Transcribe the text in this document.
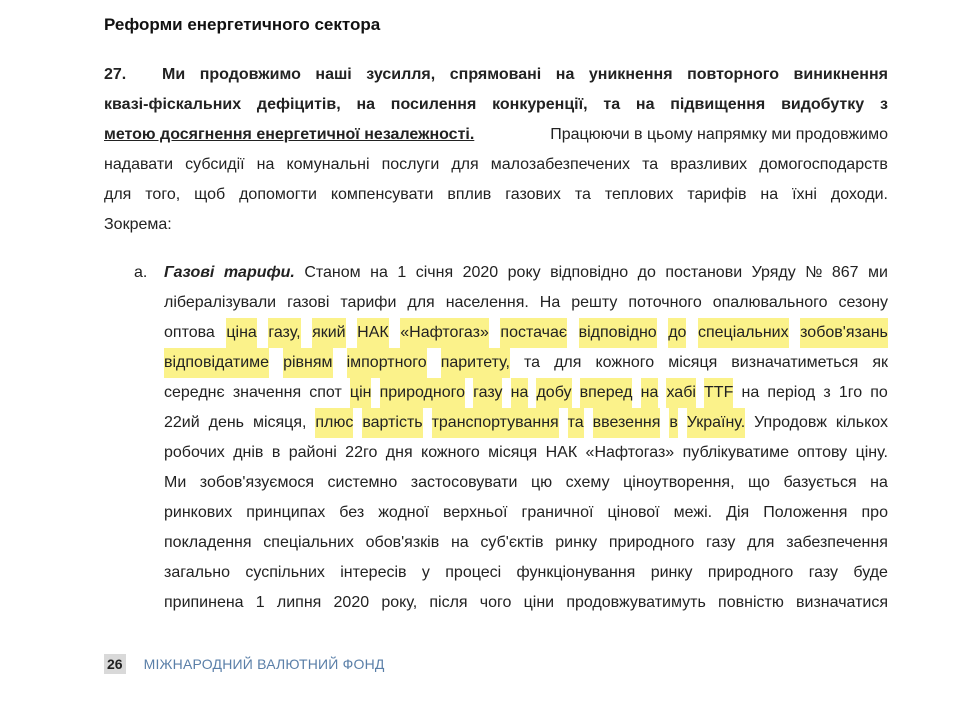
Реформи енергетичного сектора
27.	Ми продовжимо наші зусилля, спрямовані на уникнення повторного виникнення
квазі-фіскальних дефіцитів, на посилення конкуренції, та на підвищення видобутку з
метою досягнення енергетичної незалежності.	Працюючи в цьому напрямку ми продовжимо
надавати субсидії на комунальні послуги для малозабезпечених та вразливих домогосподарств
для того, щоб допомогти компенсувати вплив газових та теплових тарифів на їхні доходи.
Зокрема:
a.	Газові тарифи. Станом на 1 січня 2020 року відповідно до постанови Уряду № 867 ми
лібералізували газові тарифи для населення. На решту поточного опалювального сезону
оптова ціна газу, який НАК «Нафтогаз» постачає відповідно до спеціальних зобов'язань
відповідатиме рівням імпортного паритету, та для кожного місяця визначатиметься як
середнє значення спот цін природного газу на добу вперед на хабі TTF на період з 1го по
22ий день місяця, плюс вартість транспортування та ввезення в Україну. Упродовж кількох
робочих днів в районі 22го дня кожного місяця НАК «Нафтогаз» публікуватиме оптову ціну.
Ми зобов'язуємося системно застосовувати цю схему ціноутворення, що базується на
ринкових принципах без жодної верхньої граничної цінової межі. Дія Положення про
покладення спеціальних обов'язків на суб'єктів ринку природного газу для забезпечення
загально суспільних інтересів у процесі функціонування ринку природного газу буде
припинена 1 липня 2020 року, після чого ціни продовжуватимуть повністю визначатися
26 МІЖНАРОДНИЙ ВАЛЮТНИЙ ФОНД
